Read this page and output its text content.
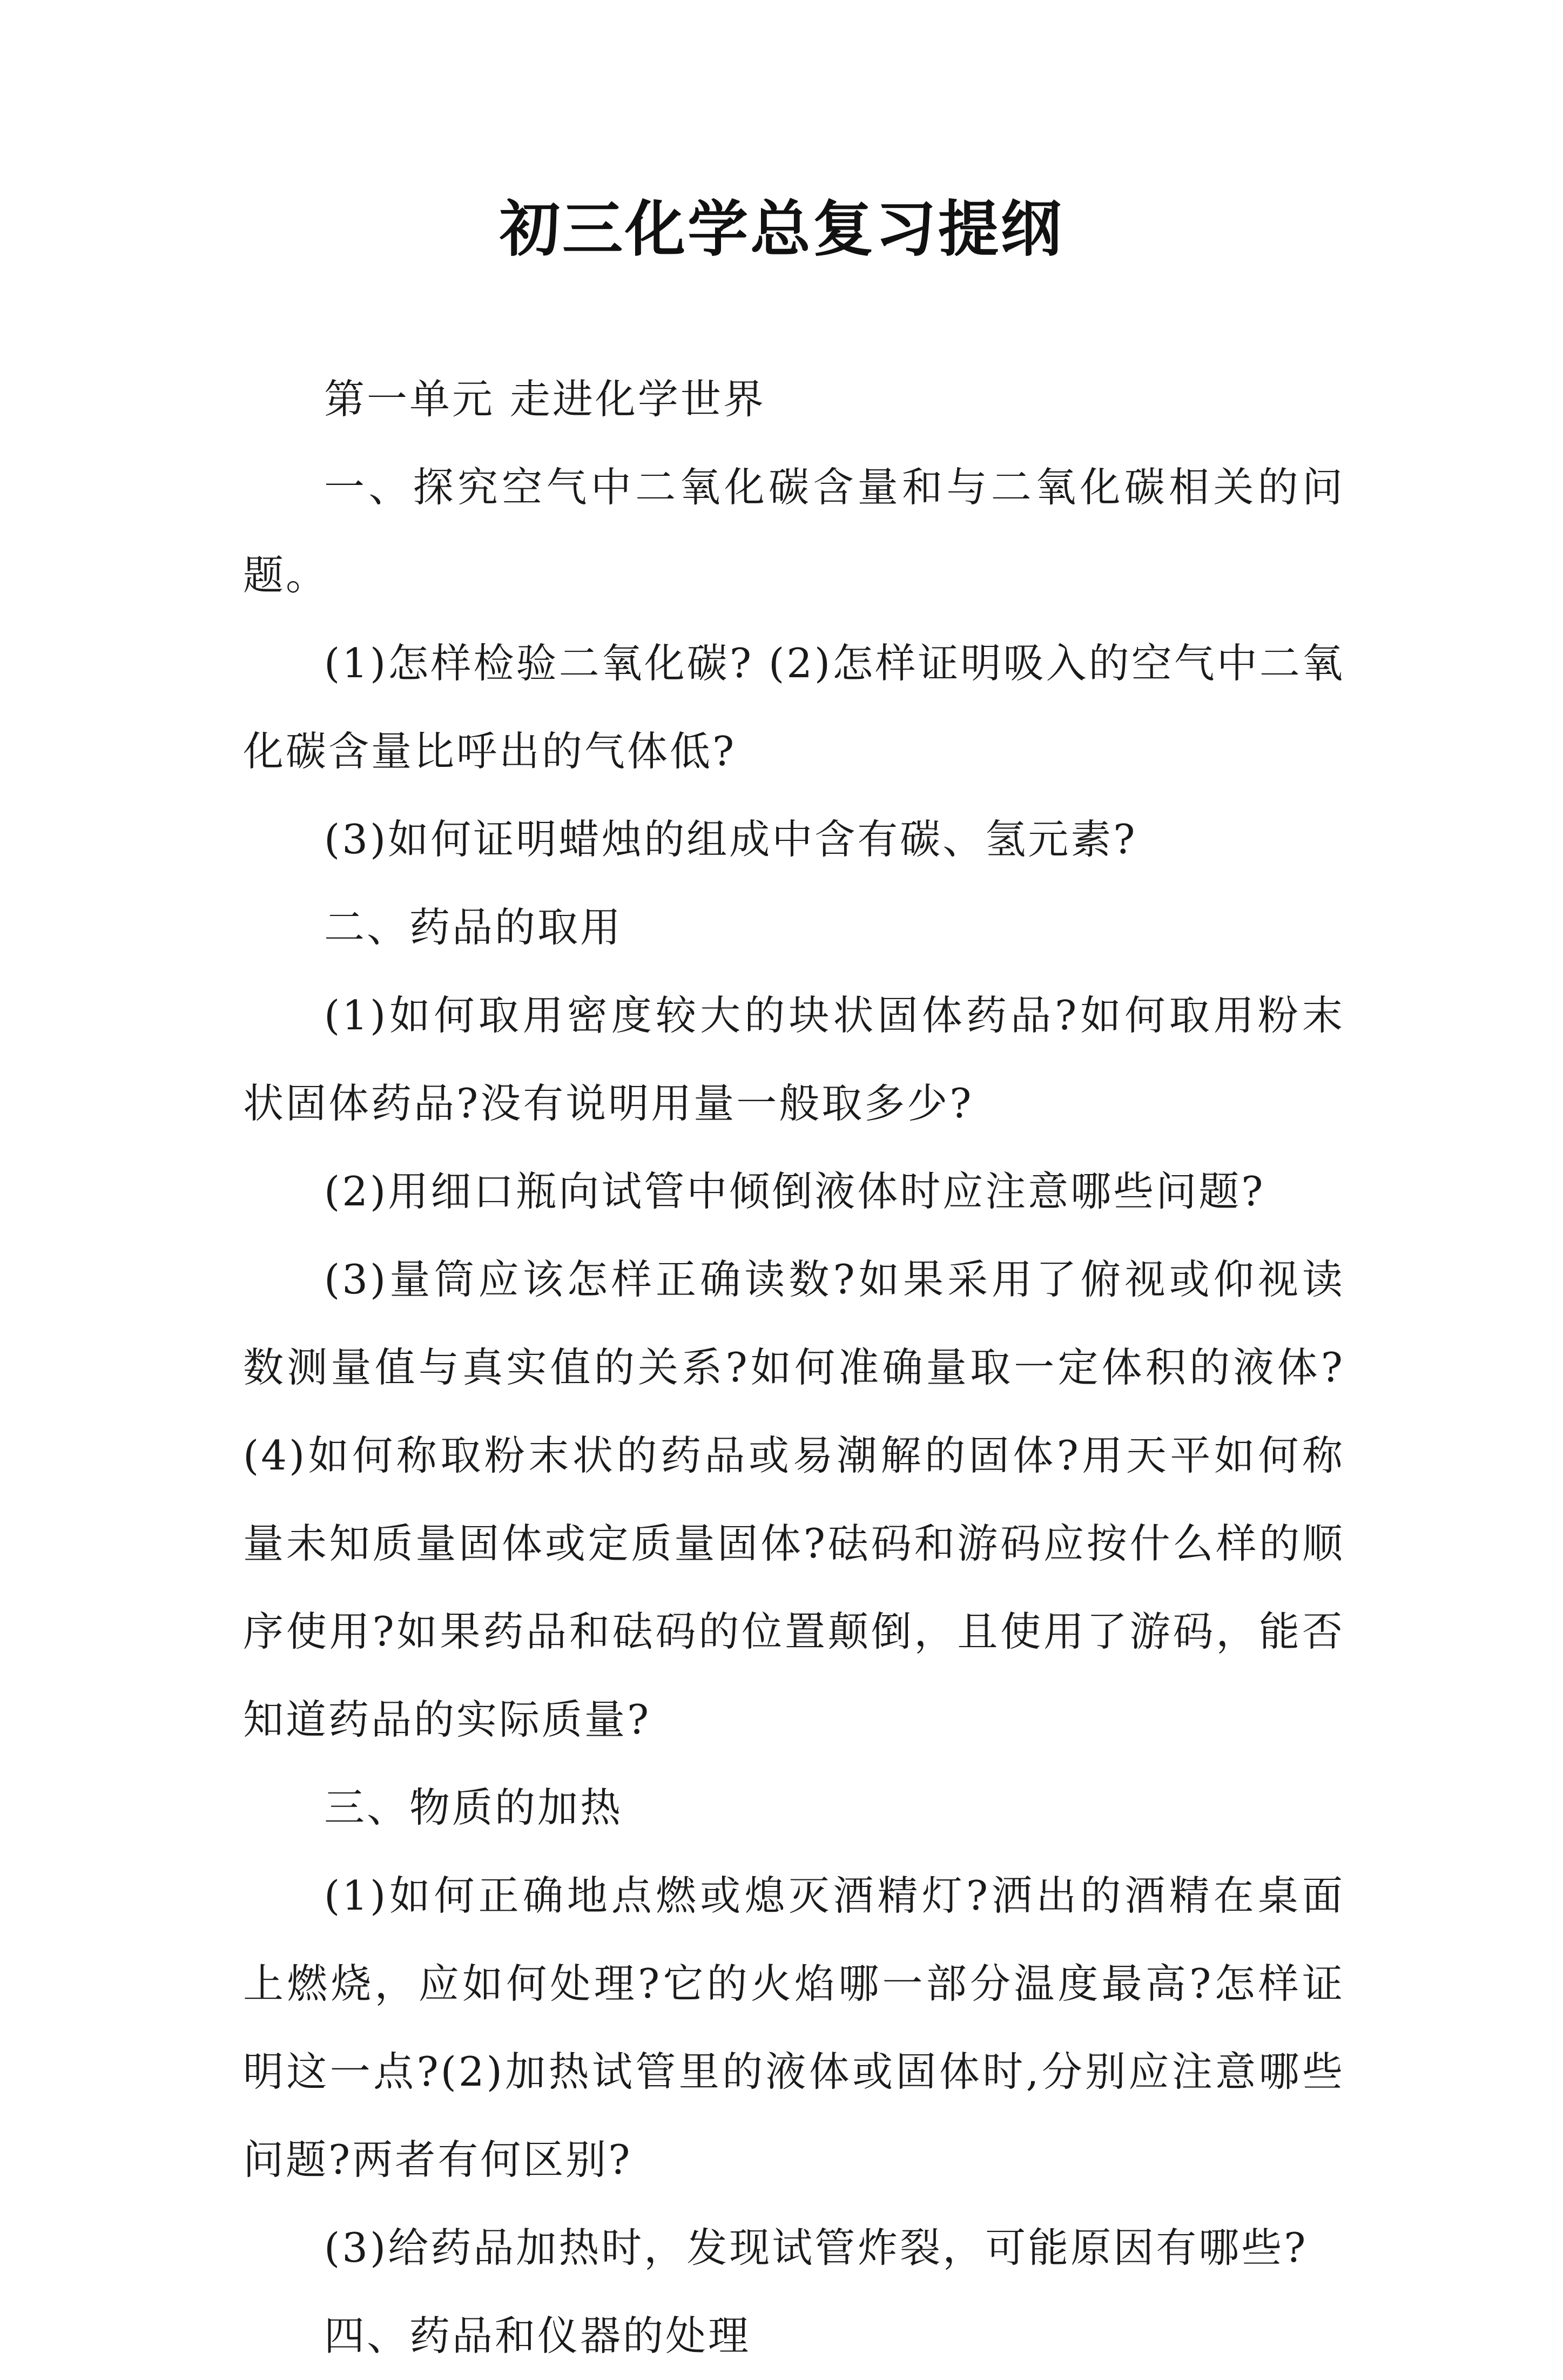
初三化学总复习提纲

第一单元 走进化学世界

一、探究空气中二氧化碳含量和与二氧化碳相关的问题。

(1)怎样检验二氧化碳? (2)怎样证明吸入的空气中二氧化碳含量比呼出的气体低?

(3)如何证明蜡烛的组成中含有碳、氢元素?

二、药品的取用

(1)如何取用密度较大的块状固体药品?如何取用粉末状固体药品?没有说明用量一般取多少?

(2)用细口瓶向试管中倾倒液体时应注意哪些问题?

(3)量筒应该怎样正确读数?如果采用了俯视或仰视读数测量值与真实值的关系?如何准确量取一定体积的液体? (4)如何称取粉末状的药品或易潮解的固体?用天平如何称量未知质量固体或定质量固体?砝码和游码应按什么样的顺序使用?如果药品和砝码的位置颠倒，且使用了游码，能否知道药品的实际质量?

三、物质的加热

(1)如何正确地点燃或熄灭酒精灯?洒出的酒精在桌面上燃烧，应如何处理?它的火焰哪一部分温度最高?怎样证明这一点?(2)加热试管里的液体或固体时,分别应注意哪些问题?两者有何区别?

(3)给药品加热时，发现试管炸裂，可能原因有哪些?

四、药品和仪器的处理
